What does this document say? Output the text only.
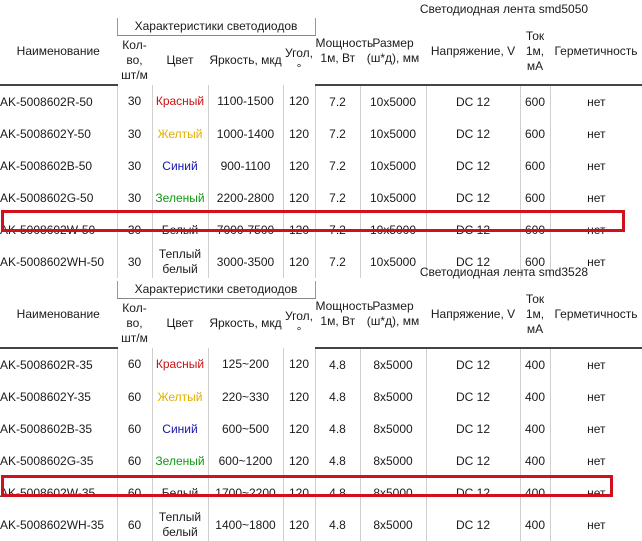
Светодиодная лента smd5050									
Наименование	Характеристики светодиодов				Мощность 1м, Вт	Размер (ш*д), мм	Напряжение, V	Ток 1м, мА	Герметичность
	Кол-во, шт/м	Цвет	Яркость, мкд	Угол, °					
AK-5008602R-50	30	Красный	1100-1500	120	7.2	10x5000	DC 12	600	нет
AK-5008602Y-50	30	Желтый	1000-1400	120	7.2	10x5000	DC 12	600	нет
AK-5008602B-50	30	Синий	900-1100	120	7.2	10x5000	DC 12	600	нет
AK-5008602G-50	30	Зеленый	2200-2800	120	7.2	10x5000	DC 12	600	нет
AK-5008602W-50	30	Белый	7000-7500	120	7.2	10x5000	DC 12	600	нет
AK-5008602WH-50	30	Теплый белый	3000-3500	120	7.2	10x5000	DC 12	600	нет
Светодиодная лента smd3528									
Наименование	Характеристики светодиодов				Мощность 1м, Вт	Размер (ш*д), мм	Напряжение, V	Ток 1м, мА	Герметичность
	Кол-во, шт/м	Цвет	Яркость, мкд	Угол, °					
AK-5008602R-35	60	Красный	125~200	120	4.8	8x5000	DC 12	400	нет
AK-5008602Y-35	60	Желтый	220~330	120	4.8	8x5000	DC 12	400	нет
AK-5008602B-35	60	Синий	600~500	120	4.8	8x5000	DC 12	400	нет
AK-5008602G-35	60	Зеленый	600~1200	120	4.8	8x5000	DC 12	400	нет
AK-5008602W-35	60	Белый	1700~2200	120	4.8	8x5000	DC 12	400	нет
AK-5008602WH-35	60	Теплый белый	1400~1800	120	4.8	8x5000	DC 12	400	нет
